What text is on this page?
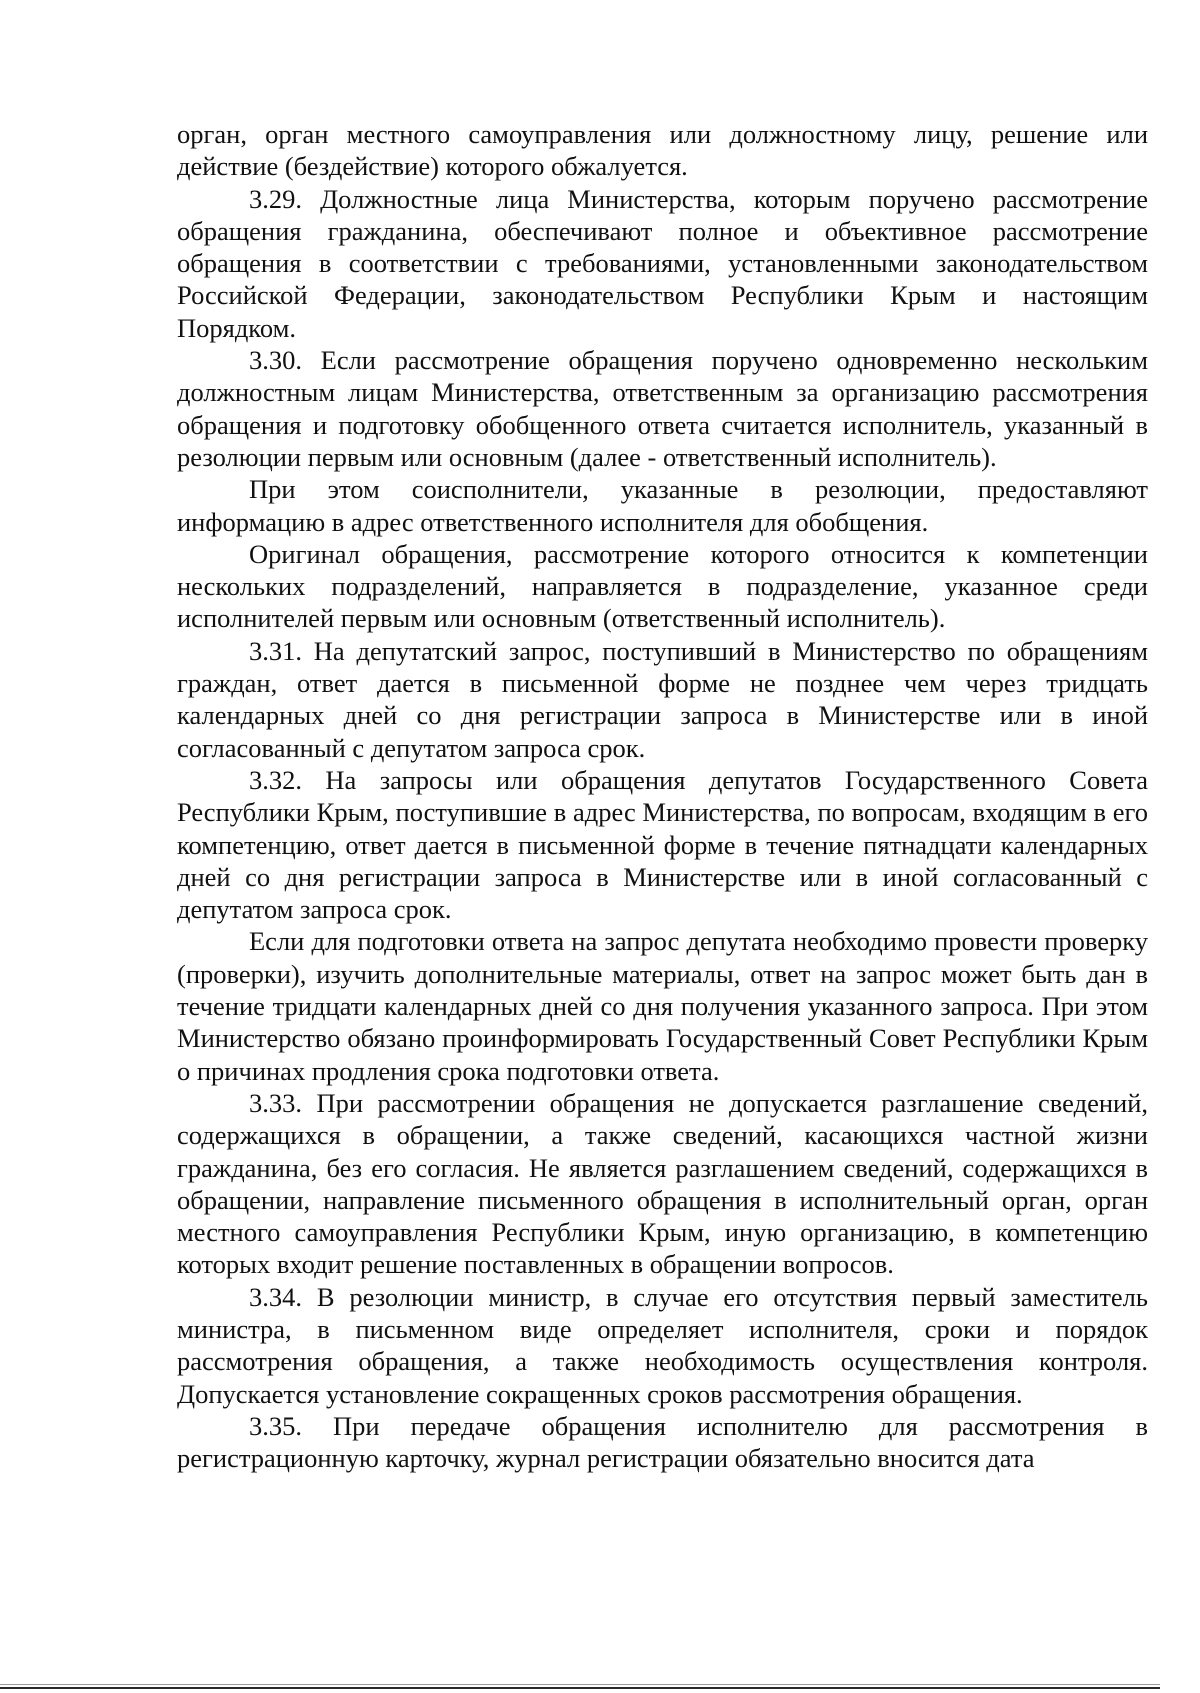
орган, орган местного самоуправления или должностному лицу, решение или действие (бездействие) которого обжалуется.

3.29. Должностные лица Министерства, которым поручено рассмотрение обращения гражданина, обеспечивают полное и объективное рассмотрение обращения в соответствии с требованиями, установленными законодательством Российской Федерации, законодательством Республики Крым и настоящим Порядком.

3.30. Если рассмотрение обращения поручено одновременно нескольким должностным лицам Министерства, ответственным за организацию рассмотрения обращения и подготовку обобщенного ответа считается исполнитель, указанный в резолюции первым или основным (далее - ответственный исполнитель).

При этом соисполнители, указанные в резолюции, предоставляют информацию в адрес ответственного исполнителя для обобщения.

Оригинал обращения, рассмотрение которого относится к компетенции нескольких подразделений, направляется в подразделение, указанное среди исполнителей первым или основным (ответственный исполнитель).

3.31. На депутатский запрос, поступивший в Министерство по обращениям граждан, ответ дается в письменной форме не позднее чем через тридцать календарных дней со дня регистрации запроса в Министерстве или в иной согласованный с депутатом запроса срок.

3.32. На запросы или обращения депутатов Государственного Совета Республики Крым, поступившие в адрес Министерства, по вопросам, входящим в его компетенцию, ответ дается в письменной форме в течение пятнадцати календарных дней со дня регистрации запроса в Министерстве или в иной согласованный с депутатом запроса срок.

Если для подготовки ответа на запрос депутата необходимо провести проверку (проверки), изучить дополнительные материалы, ответ на запрос может быть дан в течение тридцати календарных дней со дня получения указанного запроса. При этом Министерство обязано проинформировать Государственный Совет Республики Крым о причинах продления срока подготовки ответа.

3.33. При рассмотрении обращения не допускается разглашение сведений, содержащихся в обращении, а также сведений, касающихся частной жизни гражданина, без его согласия. Не является разглашением сведений, содержащихся в обращении, направление письменного обращения в исполнительный орган, орган местного самоуправления Республики Крым, иную организацию, в компетенцию которых входит решение поставленных в обращении вопросов.

3.34. В резолюции министр, в случае его отсутствия первый заместитель министра, в письменном виде определяет исполнителя, сроки и порядок рассмотрения обращения, а также необходимость осуществления контроля. Допускается установление сокращенных сроков рассмотрения обращения.

3.35. При передаче обращения исполнителю для рассмотрения в регистрационную карточку, журнал регистрации обязательно вносится дата
